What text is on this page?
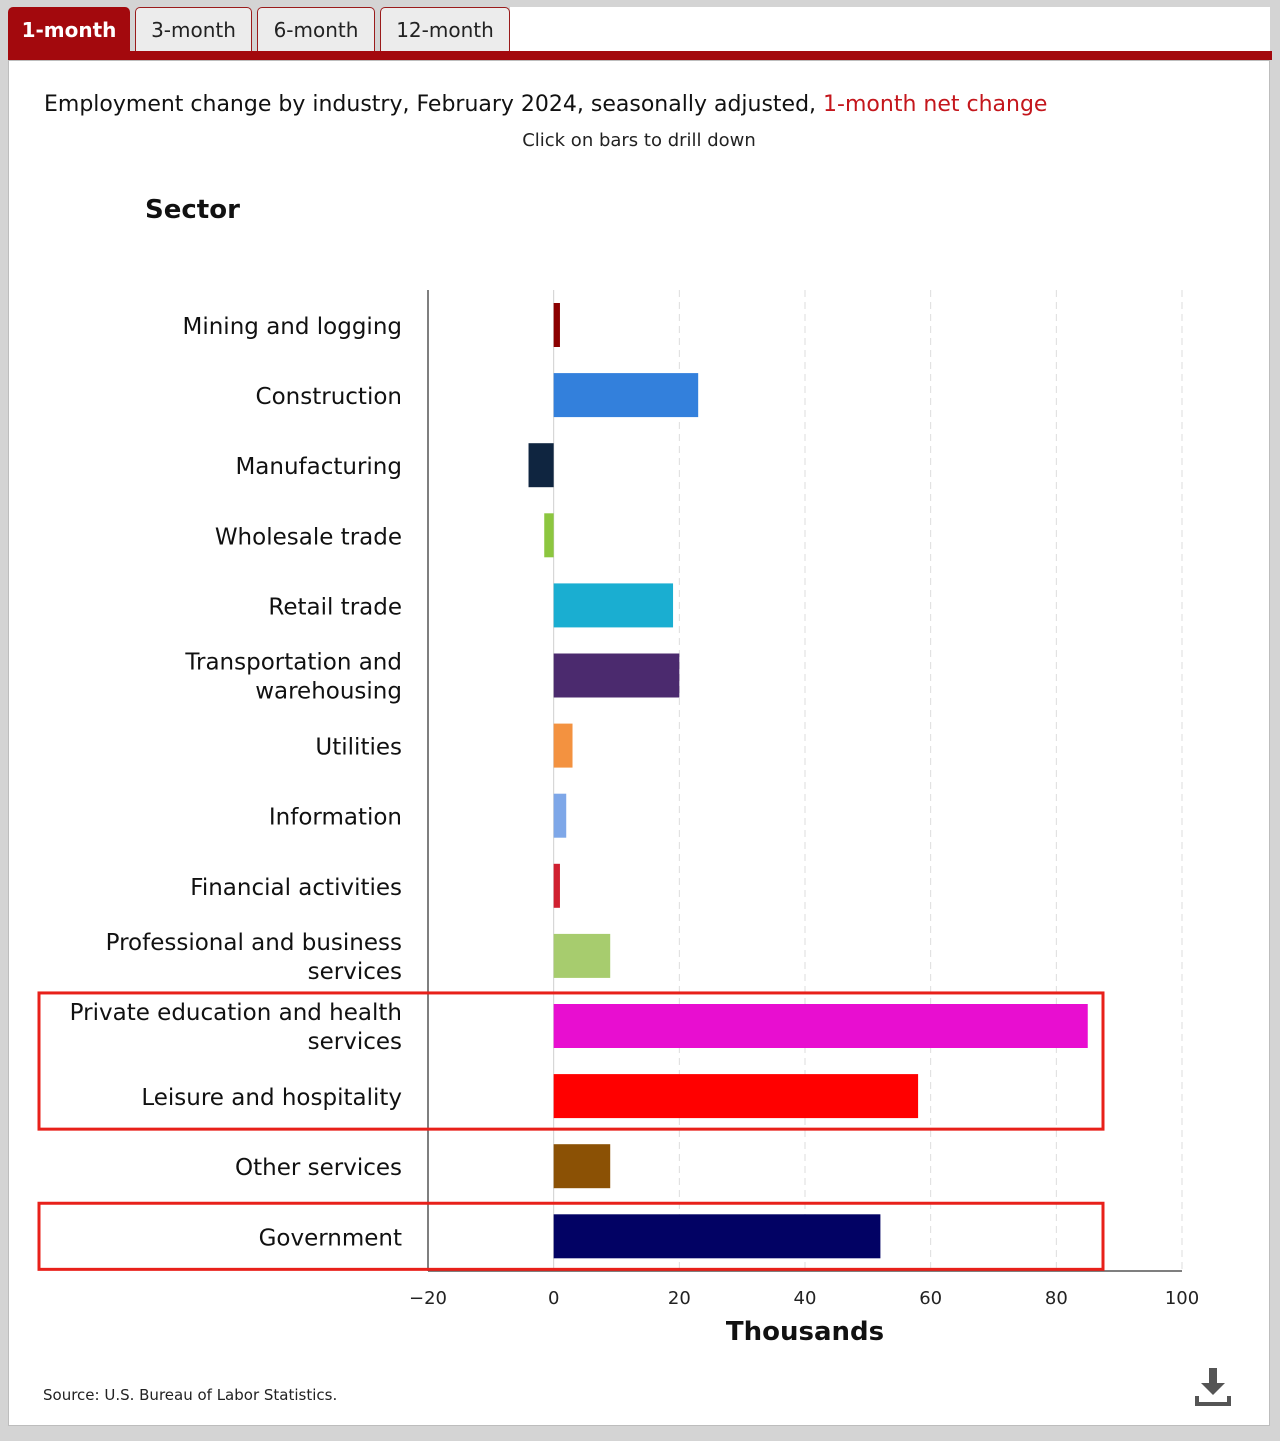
1-month	3-month	6-month	12-month
Employment change by industry, February 2024, seasonally adjusted, 1-month net change
Click on bars to drill down
Mining and logging
Construction
Manufacturing
Wholesale trade
Retail trade
Transportation and warehousing
Utilities
Information
Financial activities
Professional and business services
Private education and health services
Leisure and hospitality
Other services
Government
−20	0	20	40	60	80	100
Sector
Thousands
Source: U.S. Bureau of Labor Statistics.
